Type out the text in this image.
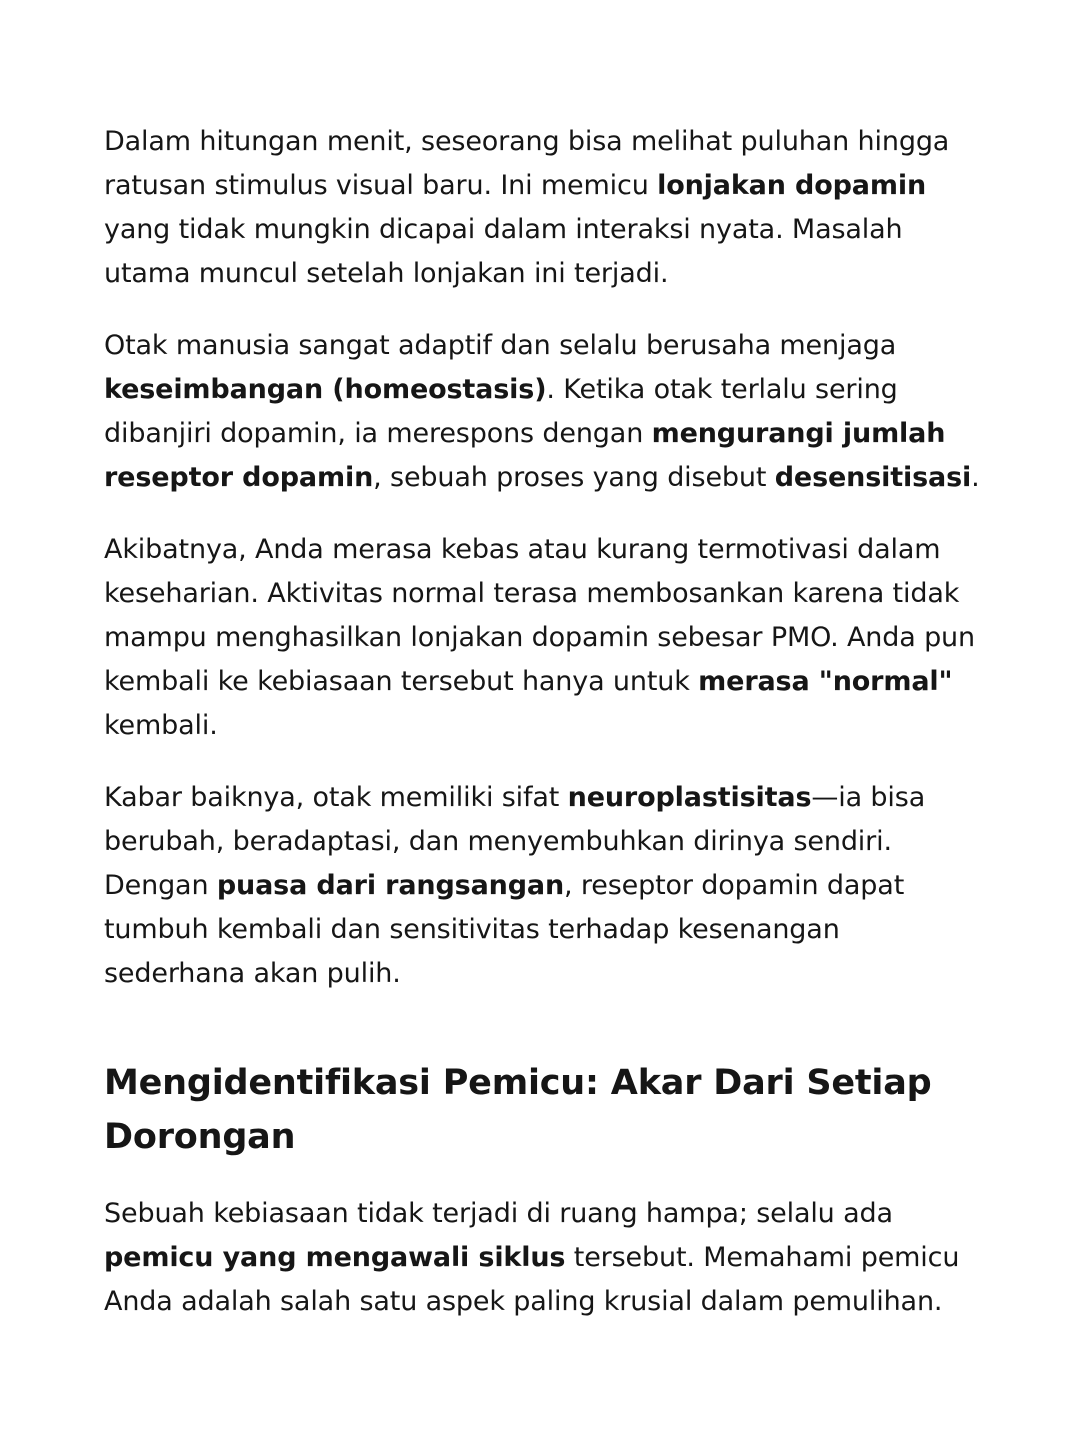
Dalam hitungan menit, seseorang bisa melihat puluhan hingga ratusan stimulus visual baru. Ini memicu lonjakan dopamin yang tidak mungkin dicapai dalam interaksi nyata. Masalah utama muncul setelah lonjakan ini terjadi.

Otak manusia sangat adaptif dan selalu berusaha menjaga keseimbangan (homeostasis). Ketika otak terlalu sering dibanjiri dopamin, ia merespons dengan mengurangi jumlah reseptor dopamin, sebuah proses yang disebut desensitisasi.

Akibatnya, Anda merasa kebas atau kurang termotivasi dalam keseharian. Aktivitas normal terasa membosankan karena tidak mampu menghasilkan lonjakan dopamin sebesar PMO. Anda pun kembali ke kebiasaan tersebut hanya untuk merasa "normal" kembali.

Kabar baiknya, otak memiliki sifat neuroplastisitas—ia bisa berubah, beradaptasi, dan menyembuhkan dirinya sendiri. Dengan puasa dari rangsangan, reseptor dopamin dapat tumbuh kembali dan sensitivitas terhadap kesenangan sederhana akan pulih.

Mengidentifikasi Pemicu: Akar Dari Setiap Dorongan

Sebuah kebiasaan tidak terjadi di ruang hampa; selalu ada pemicu yang mengawali siklus tersebut. Memahami pemicu Anda adalah salah satu aspek paling krusial dalam pemulihan.
